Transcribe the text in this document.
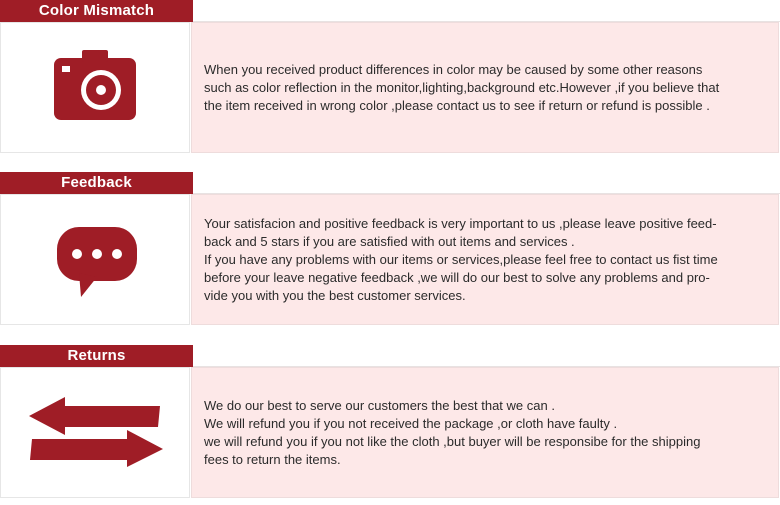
Color Mismatch

When you received product differences in color may be caused by some other reasons

such as color reflection in the monitor,lighting,background etc.However ,if you believe that

the item received in wrong color ,please contact us to see if return or refund is possible .

Feedback

Your satisfacion and positive feedback is very important to us ,please leave positive feed-

back and 5 stars if you are satisfied with out items and services .

If you have any problems with our items or services,please feel free to contact us fist time

before your leave negative feedback ,we will do our best to solve any problems and pro-

vide you with you the best customer services.

Returns

We do our best to serve our customers the best that we can .

We will refund you if you not received the package ,or cloth have faulty .

we will refund you if you not like the cloth ,but buyer will be responsibe for the shipping

fees to return the items.
